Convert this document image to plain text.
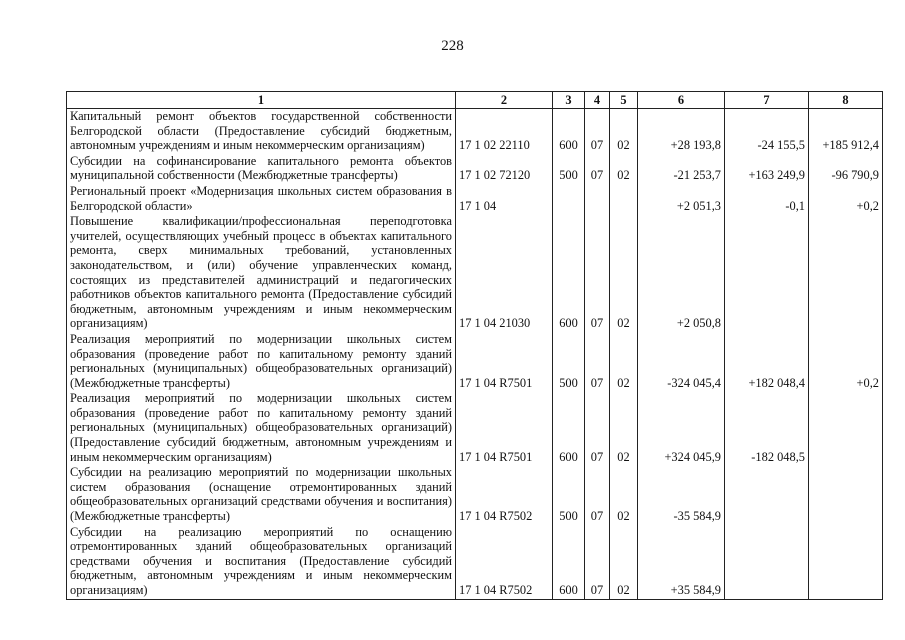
228
1	2	3	4	5	6	7	8
Капитальный ремонт объектов государственной собственности Белгородской области (Предоставление субсидий бюджетным, автономным учреждениям и иным некоммерческим организациям)	17 1 02 22110	600	07	02	+28 193,8	-24 155,5	+185 912,4
Субсидии на софинансирование капитального ремонта объектов муниципальной собственности (Межбюджетные трансферты)	17 1 02 72120	500	07	02	-21 253,7	+163 249,9	-96 790,9
Региональный проект «Модернизация школьных систем образования в Белгородской области»	17 1 04				+2 051,3	-0,1	+0,2
Повышение квалификации/профессиональная переподготовка учителей, осуществляющих учебный процесс в объектах капитального ремонта, сверх минимальных требований, установленных законодательством, и (или) обучение управленческих команд, состоящих из представителей администраций и педагогических работников объектов капитального ремонта (Предоставление субсидий бюджетным, автономным учреждениям и иным некоммерческим организациям)	17 1 04 21030	600	07	02	+2 050,8		
Реализация мероприятий по модернизации школьных систем образования (проведение работ по капитальному ремонту зданий региональных (муниципальных) общеобразовательных организаций) (Межбюджетные трансферты)	17 1 04 R7501	500	07	02	-324 045,4	+182 048,4	+0,2
Реализация мероприятий по модернизации школьных систем образования (проведение работ по капитальному ремонту зданий региональных (муниципальных) общеобразовательных организаций) (Предоставление субсидий бюджетным, автономным учреждениям и иным некоммерческим организациям)	17 1 04 R7501	600	07	02	+324 045,9	-182 048,5	
Субсидии на реализацию мероприятий по модернизации школьных систем образования (оснащение отремонтированных зданий общеобразовательных организаций средствами обучения и воспитания) (Межбюджетные трансферты)	17 1 04 R7502	500	07	02	-35 584,9		
Субсидии на реализацию мероприятий по оснащению отремонтированных зданий общеобразовательных организаций средствами обучения и воспитания (Предоставление субсидий бюджетным, автономным учреждениям и иным некоммерческим организациям)	17 1 04 R7502	600	07	02	+35 584,9		
